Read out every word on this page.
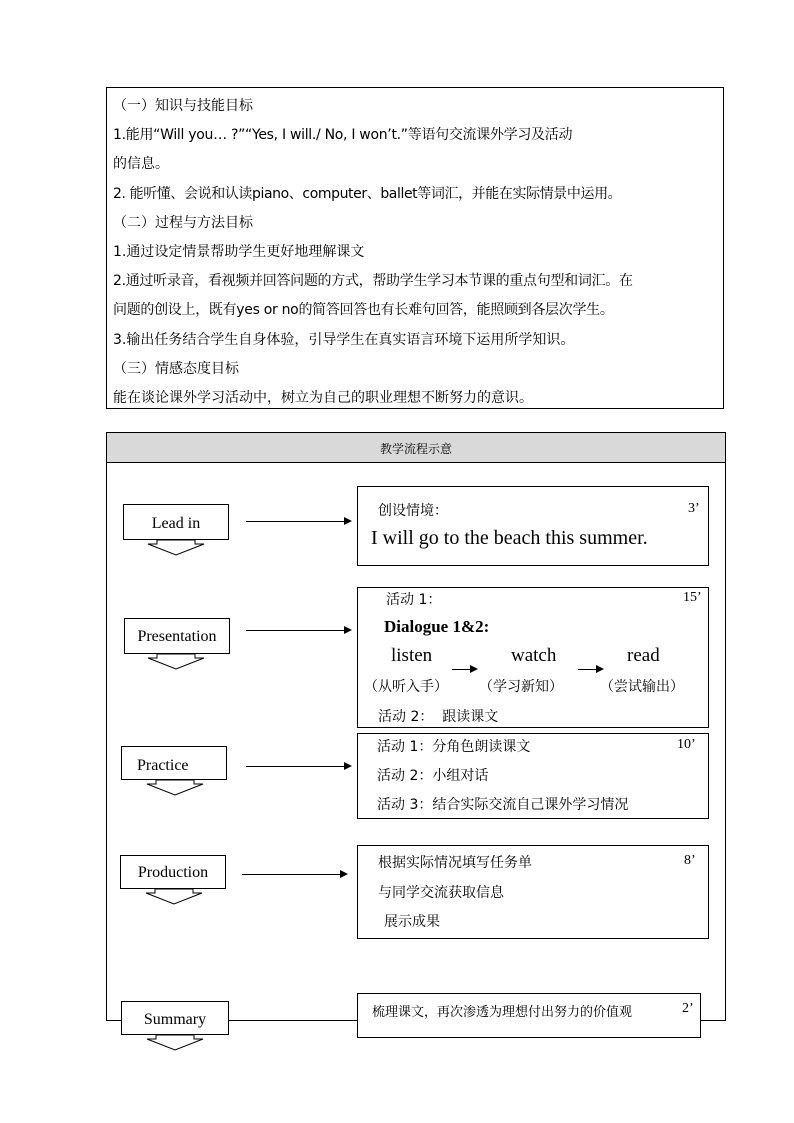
（一）知识与技能目标
1.能用“Will you… ?”“Yes, I will./ No, I won’t.”等语句交流课外学习及活动
的信息。
2. 能听懂、会说和认读piano、computer、ballet等词汇，并能在实际情景中运用。
（二）过程与方法目标
1.通过设定情景帮助学生更好地理解课文
2.通过听录音，看视频并回答问题的方式，帮助学生学习本节课的重点句型和词汇。在
问题的创设上，既有yes or no的简答回答也有长难句回答，能照顾到各层次学生。
3.输出任务结合学生自身体验，引导学生在真实语言环境下运用所学知识。
（三）情感态度目标
能在谈论课外学习活动中，树立为自己的职业理想不断努力的意识。
教学流程示意
Lead in
Presentation
Practice
Production
Summary
创设情境：	3’
I will go to the beach this summer.
活动 1：	15’
Dialogue 1&2:
listen	watch	read
（从听入手） （学习新知）	（尝试输出）
活动 2：  跟读课文
活动 1：分角色朗读课文	10’
活动 2：小组对话
活动 3：结合实际交流自己课外学习情况
根据实际情况填写任务单	8’
与同学交流获取信息
展示成果
梳理课文，再次渗透为理想付出努力的价值观	2’
